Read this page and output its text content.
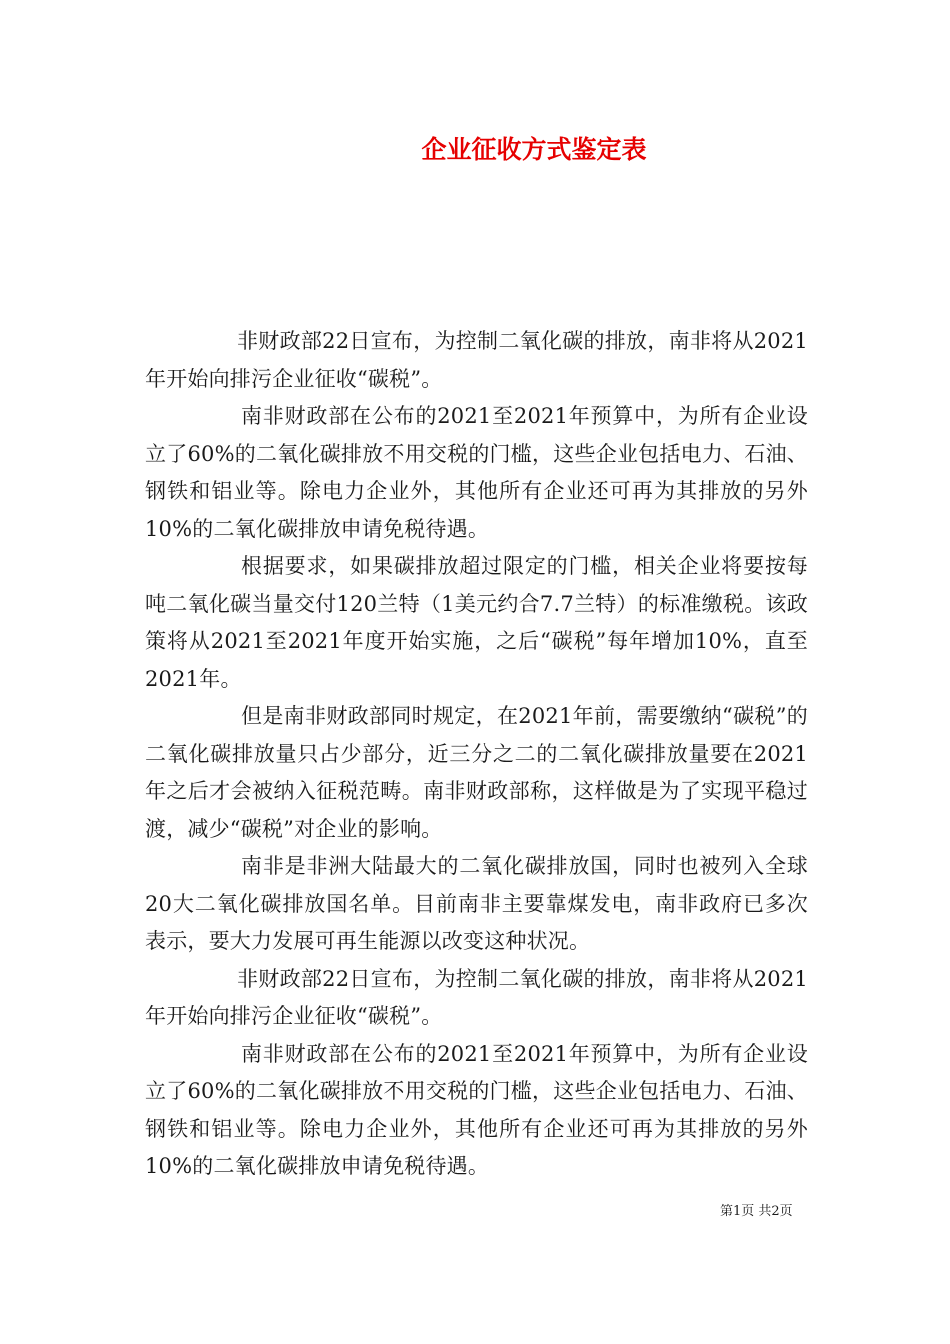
企业征收方式鉴定表

非财政部22日宣布，为控制二氧化碳的排放，南非将从2021年开始向排污企业征收“碳税”。

南非财政部在公布的2021至2021年预算中，为所有企业设立了60%的二氧化碳排放不用交税的门槛，这些企业包括电力、石油、钢铁和铝业等。除电力企业外，其他所有企业还可再为其排放的另外10%的二氧化碳排放申请免税待遇。

根据要求，如果碳排放超过限定的门槛，相关企业将要按每吨二氧化碳当量交付120兰特（1美元约合7.7兰特）的标准缴税。该政策将从2021至2021年度开始实施，之后“碳税”每年增加10%，直至2021年。

但是南非财政部同时规定，在2021年前，需要缴纳“碳税”的二氧化碳排放量只占少部分，近三分之二的二氧化碳排放量要在2021年之后才会被纳入征税范畴。南非财政部称，这样做是为了实现平稳过渡，减少“碳税”对企业的影响。

南非是非洲大陆最大的二氧化碳排放国，同时也被列入全球20大二氧化碳排放国名单。目前南非主要靠煤发电，南非政府已多次表示，要大力发展可再生能源以改变这种状况。

非财政部22日宣布，为控制二氧化碳的排放，南非将从2021年开始向排污企业征收“碳税”。

南非财政部在公布的2021至2021年预算中，为所有企业设立了60%的二氧化碳排放不用交税的门槛，这些企业包括电力、石油、钢铁和铝业等。除电力企业外，其他所有企业还可再为其排放的另外10%的二氧化碳排放申请免税待遇。

第1页 共2页
